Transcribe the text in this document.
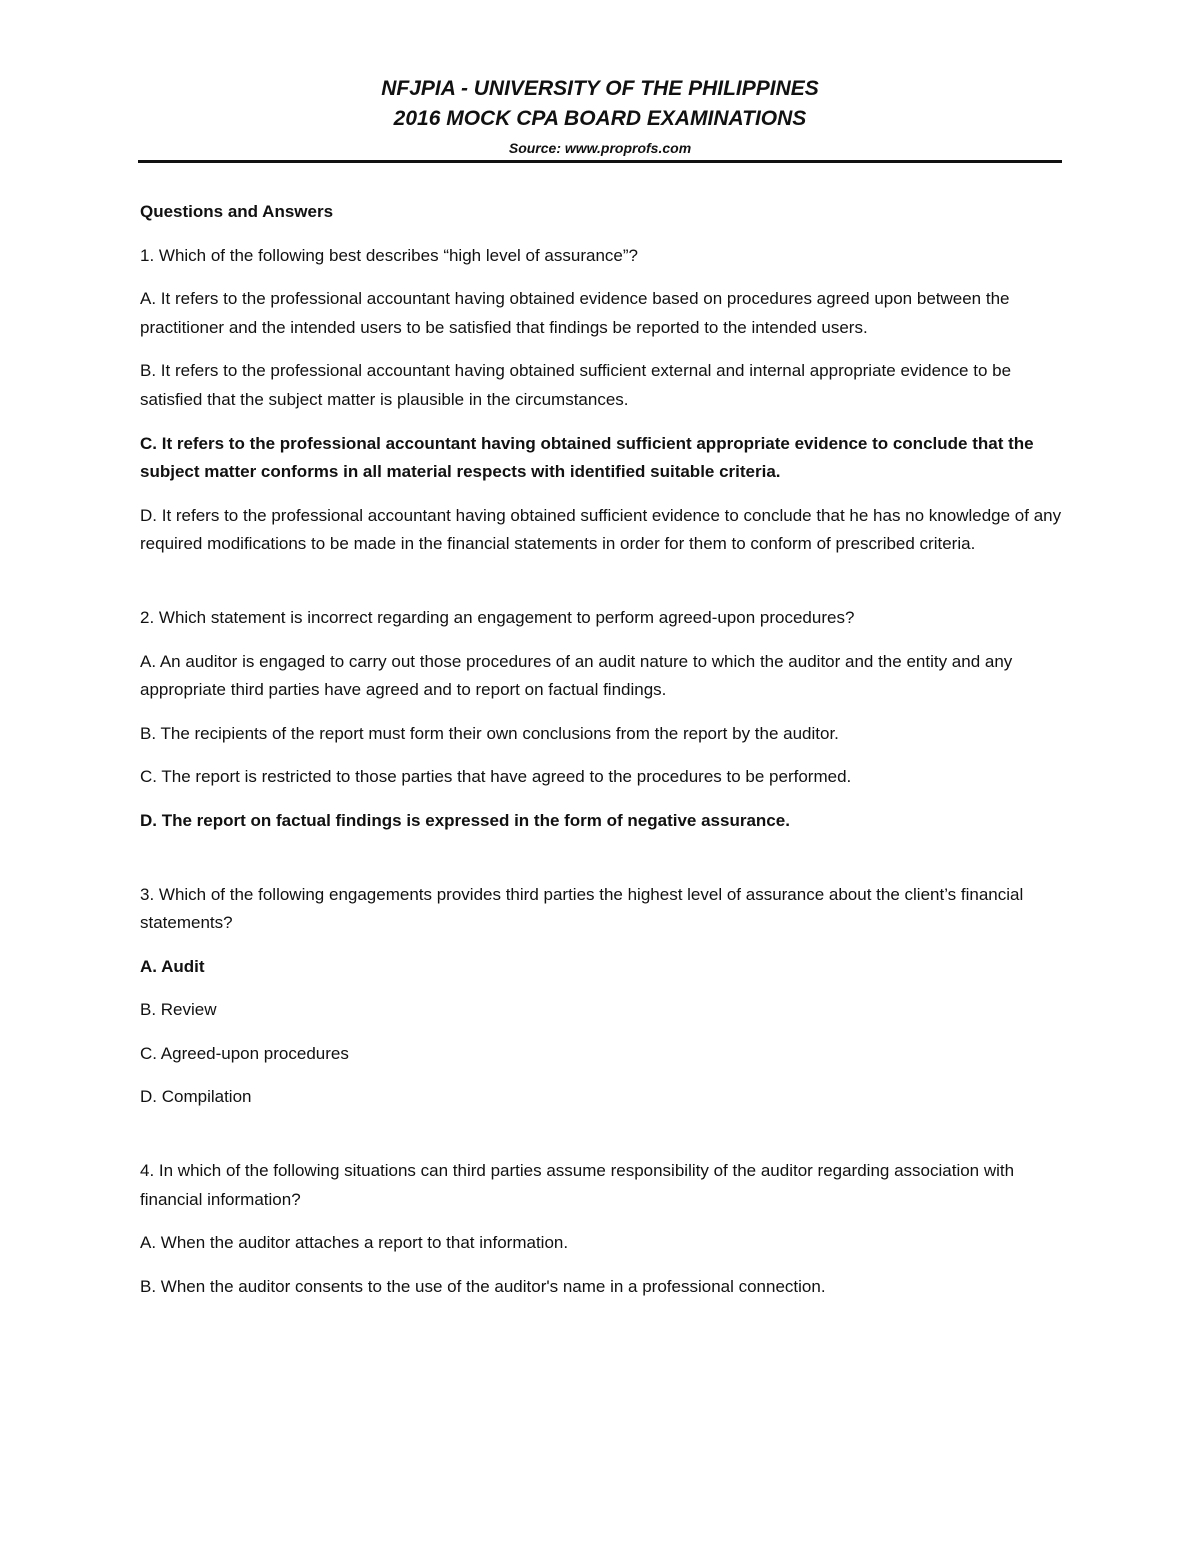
NFJPIA - UNIVERSITY OF THE PHILIPPINES
2016 MOCK CPA BOARD EXAMINATIONS
Source: www.proprofs.com
Questions and Answers
1. Which of the following best describes “high level of assurance”?
A. It refers to the professional accountant having obtained evidence based on procedures agreed upon between the practitioner and the intended users to be satisfied that findings be reported to the intended users.
B. It refers to the professional accountant having obtained sufficient external and internal appropriate evidence to be satisfied that the subject matter is plausible in the circumstances.
C. It refers to the professional accountant having obtained sufficient appropriate evidence to conclude that the subject matter conforms in all material respects with identified suitable criteria.
D. It refers to the professional accountant having obtained sufficient evidence to conclude that he has no knowledge of any required modifications to be made in the financial statements in order for them to conform of prescribed criteria.
2. Which statement is incorrect regarding an engagement to perform agreed-upon procedures?
A. An auditor is engaged to carry out those procedures of an audit nature to which the auditor and the entity and any appropriate third parties have agreed and to report on factual findings.
B. The recipients of the report must form their own conclusions from the report by the auditor.
C. The report is restricted to those parties that have agreed to the procedures to be performed.
D. The report on factual findings is expressed in the form of negative assurance.
3. Which of the following engagements provides third parties the highest level of assurance about the client’s financial statements?
A. Audit
B. Review
C. Agreed-upon procedures
D. Compilation
4. In which of the following situations can third parties assume responsibility of the auditor regarding association with financial information?
A. When the auditor attaches a report to that information.
B. When the auditor consents to the use of the auditor's name in a professional connection.
